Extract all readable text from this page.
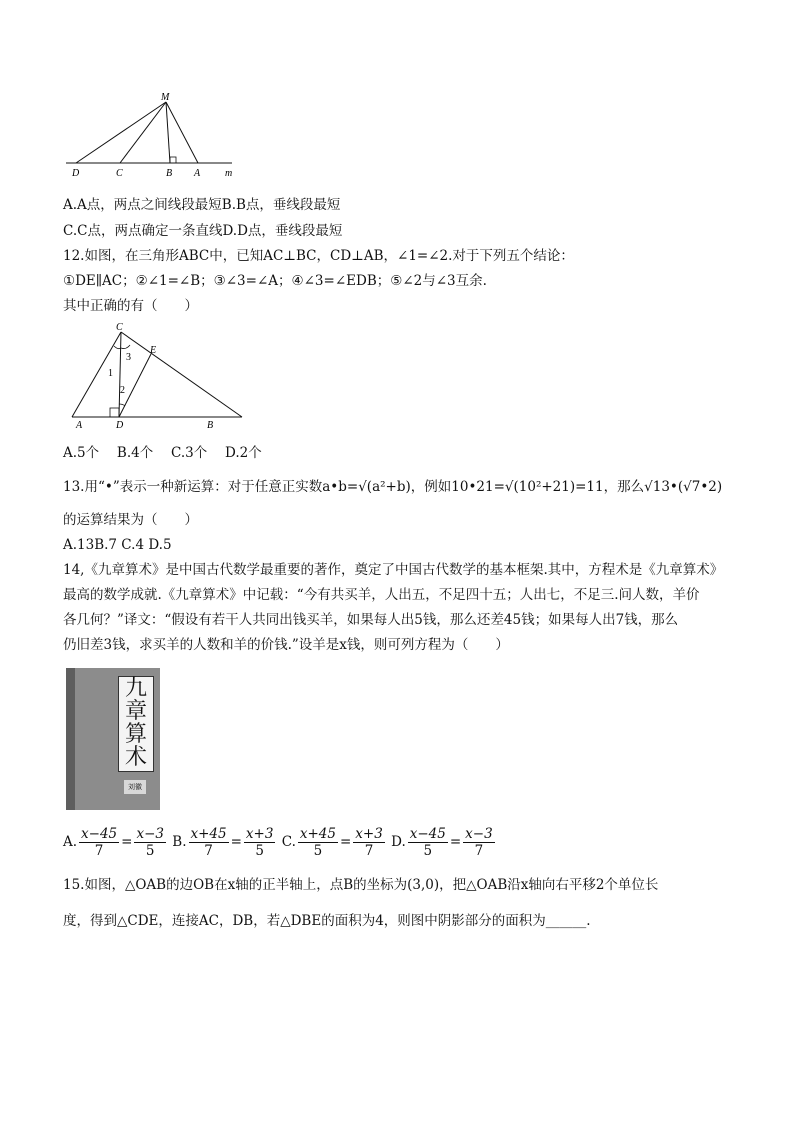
M
D	C	B A m
A.A点，两点之间线段最短B.B点，垂线段最短
C.C点，两点确定一条直线D.D点，垂线段最短
12.如图，在三角形ABC中，已知AC⊥BC，CD⊥AB，∠1=∠2.对于下列五个结论：
①DE∥AC；②∠1=∠B；③∠3=∠A；④∠3=∠EDB；⑤∠2与∠3互余.
其中正确的有（　　）
C
E
A	D	B
1
2
3
A.5个　 B.4个　 C.3个　 D.2个
13.用“•”表示一种新运算：对于任意正实数a•b=√(a²+b)，例如10•21=√(10²+21)=11，那么√13•(√7•2)
的运算结果为（　　）
A.13B.7 C.4 D.5
14,《九章算术》是中国古代数学最重要的著作，奠定了中国古代数学的基本框架.其中，方程术是《九章算术》
最高的数学成就.《九章算术》中记载：“今有共买羊，人出五，不足四十五；人出七，不足三.问人数，羊价
各几何？”译文：“假设有若干人共同出钱买羊，如果每人出5钱，那么还差45钱；如果每人出7钱，那么
仍旧差3钱，求买羊的人数和羊的价钱.”设羊是x钱，则可列方程为（　　）
九章算术
刘徽
A. $\frac{x-45}{7} = \frac{x-3}{5} B$. $\frac{x+45}{7} = \frac{x+3}{5} C$. $\frac{x+45}{5} = \frac{x+3}{7} D$. $\frac{x-45}{5} = \frac{x-3}{7}$
15.如图，△OAB的边OB在x轴的正半轴上，点B的坐标为(3,0)，把△OAB沿x轴向右平移2个单位长
度，得到△CDE，连接AC，DB，若△DBE的面积为4，则图中阴影部分的面积为______.
